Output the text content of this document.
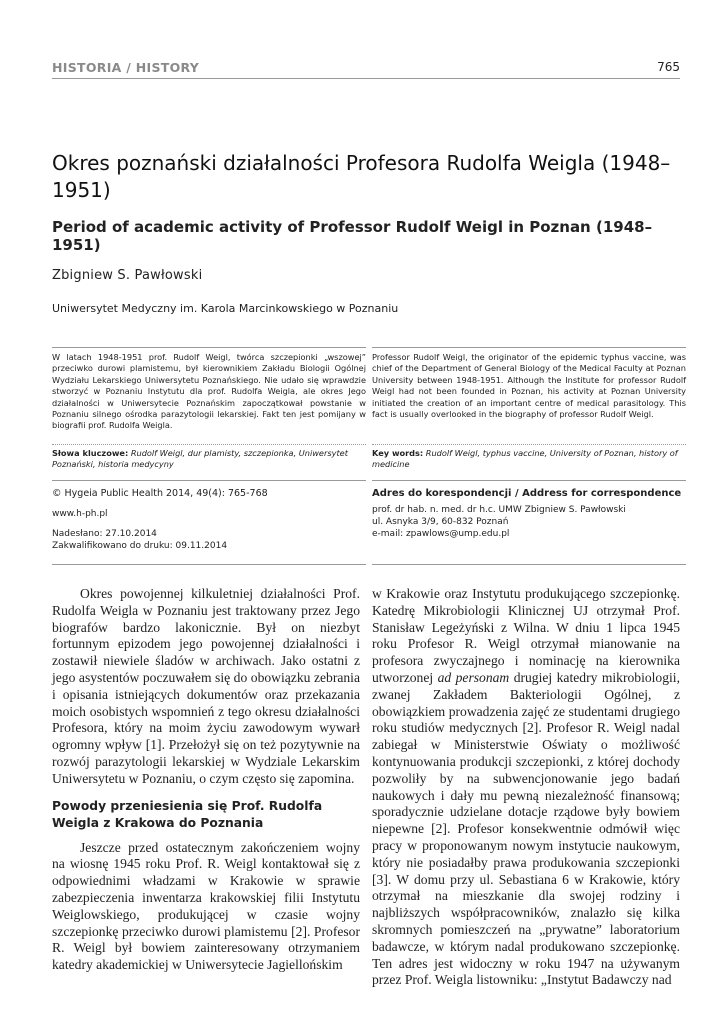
HISTORIA / HISTORY	765
Okres poznański działalności Profesora Rudolfa Weigla (1948–1951)
Period of academic activity of Professor Rudolf Weigl in Poznan (1948–1951)
Zbigniew S. Pawłowski
Uniwersytet Medyczny im. Karola Marcinkowskiego w Poznaniu
W latach 1948-1951 prof. Rudolf Weigl, twórca szczepionki „wszowej” przeciwko durowi plamistemu, był kierownikiem Zakładu Biologii Ogólnej Wydziału Lekarskiego Uniwersytetu Poznańskiego. Nie udało się wprawdzie stworzyć w Poznaniu Instytutu dla prof. Rudolfa Weigla, ale okres Jego działalności w Uniwersytecie Poznańskim zapoczątkował powstanie w Poznaniu silnego ośrodka parazytologii lekarskiej. Fakt ten jest pomijany w biografii prof. Rudolfa Weigla.
Professor Rudolf Weigl, the originator of the epidemic typhus vaccine, was chief of the Department of General Biology of the Medical Faculty at Poznan University between 1948-1951. Although the Institute for professor Rudolf Weigl had not been founded in Poznan, his activity at Poznan University initiated the creation of an important centre of medical parasitology. This fact is usually overlooked in the biography of professor Rudolf Weigl.
Słowa kluczowe: Rudolf Weigl, dur plamisty, szczepionka, Uniwersytet Poznański, historia medycyny
Key words: Rudolf Weigl, typhus vaccine, University of Poznan, history of medicine
© Hygeia Public Health 2014, 49(4): 765-768
www.h-ph.pl
Nadesłano: 27.10.2014
Zakwalifikowano do druku: 09.11.2014
Adres do korespondencji / Address for correspondence
prof. dr hab. n. med. dr h.c. UMW Zbigniew S. Pawłowski
ul. Asnyka 3/9, 60-832 Poznań
e-mail: zpawlows@ump.edu.pl

Okres powojennej kilkuletniej działalności Prof. Rudolfa Weigla w Poznaniu jest traktowany przez Jego biografów bardzo lakonicznie. Był on niezbyt fortunnym epizodem jego powojennej działalności i zostawił niewiele śladów w archiwach. Jako ostatni z jego asystentów poczuwałem się do obowiązku zebrania i opisania istniejących dokumentów oraz przekazania moich osobistych wspomnień z tego okresu działalności Profesora, który na moim życiu zawodowym wywarł ogromny wpływ [1]. Przełożył się on też pozytywnie na rozwój parazytologii lekarskiej w Wydziale Lekarskim Uniwersytetu w Poznaniu, o czym często się zapomina.

Powody przeniesienia się Prof. Rudolfa Weigla z Krakowa do Poznania

Jeszcze przed ostatecznym zakończeniem wojny na wiosnę 1945 roku Prof. R. Weigl kontaktował się z odpowiednimi władzami w Krakowie w sprawie zabezpieczenia inwentarza krakowskiej filii Instytutu Weiglowskiego, produkującej w czasie wojny szczepionkę przeciwko durowi plamistemu [2]. Profesor R. Weigl był bowiem zainteresowany otrzymaniem katedry akademickiej w Uniwersytecie Jagiellońskim

w Krakowie oraz Instytutu produkującego szczepionkę. Katedrę Mikrobiologii Klinicznej UJ otrzymał Prof. Stanisław Legeżyński z Wilna. W dniu 1 lipca 1945 roku Profesor R. Weigl otrzymał mianowanie na profesora zwyczajnego i nominację na kierownika utworzonej ad personam drugiej katedry mikrobiologii, zwanej Zakładem Bakteriologii Ogólnej, z obowiązkiem prowadzenia zajęć ze studentami drugiego roku studiów medycznych [2]. Profesor R. Weigl nadal zabiegał w Ministerstwie Oświaty o możliwość kontynuowania produkcji szczepionki, z której dochody pozwoliły by na subwencjonowanie jego badań naukowych i dały mu pewną niezależność finansową; sporadycznie udzielane dotacje rządowe były bowiem niepewne [2]. Profesor konsekwentnie odmówił więc pracy w proponowanym nowym instytucie naukowym, który nie posiadałby prawa produkowania szczepionki [3]. W domu przy ul. Sebastiana 6 w Krakowie, który otrzymał na mieszkanie dla swojej rodziny i najbliższych współpracowników, znalazło się kilka skromnych pomieszczeń na „prywatne” laboratorium badawcze, w którym nadal produkowano szczepionkę. Ten adres jest widoczny w roku 1947 na używanym przez Prof. Weigla listowniku: „Instytut Badawczy nad
